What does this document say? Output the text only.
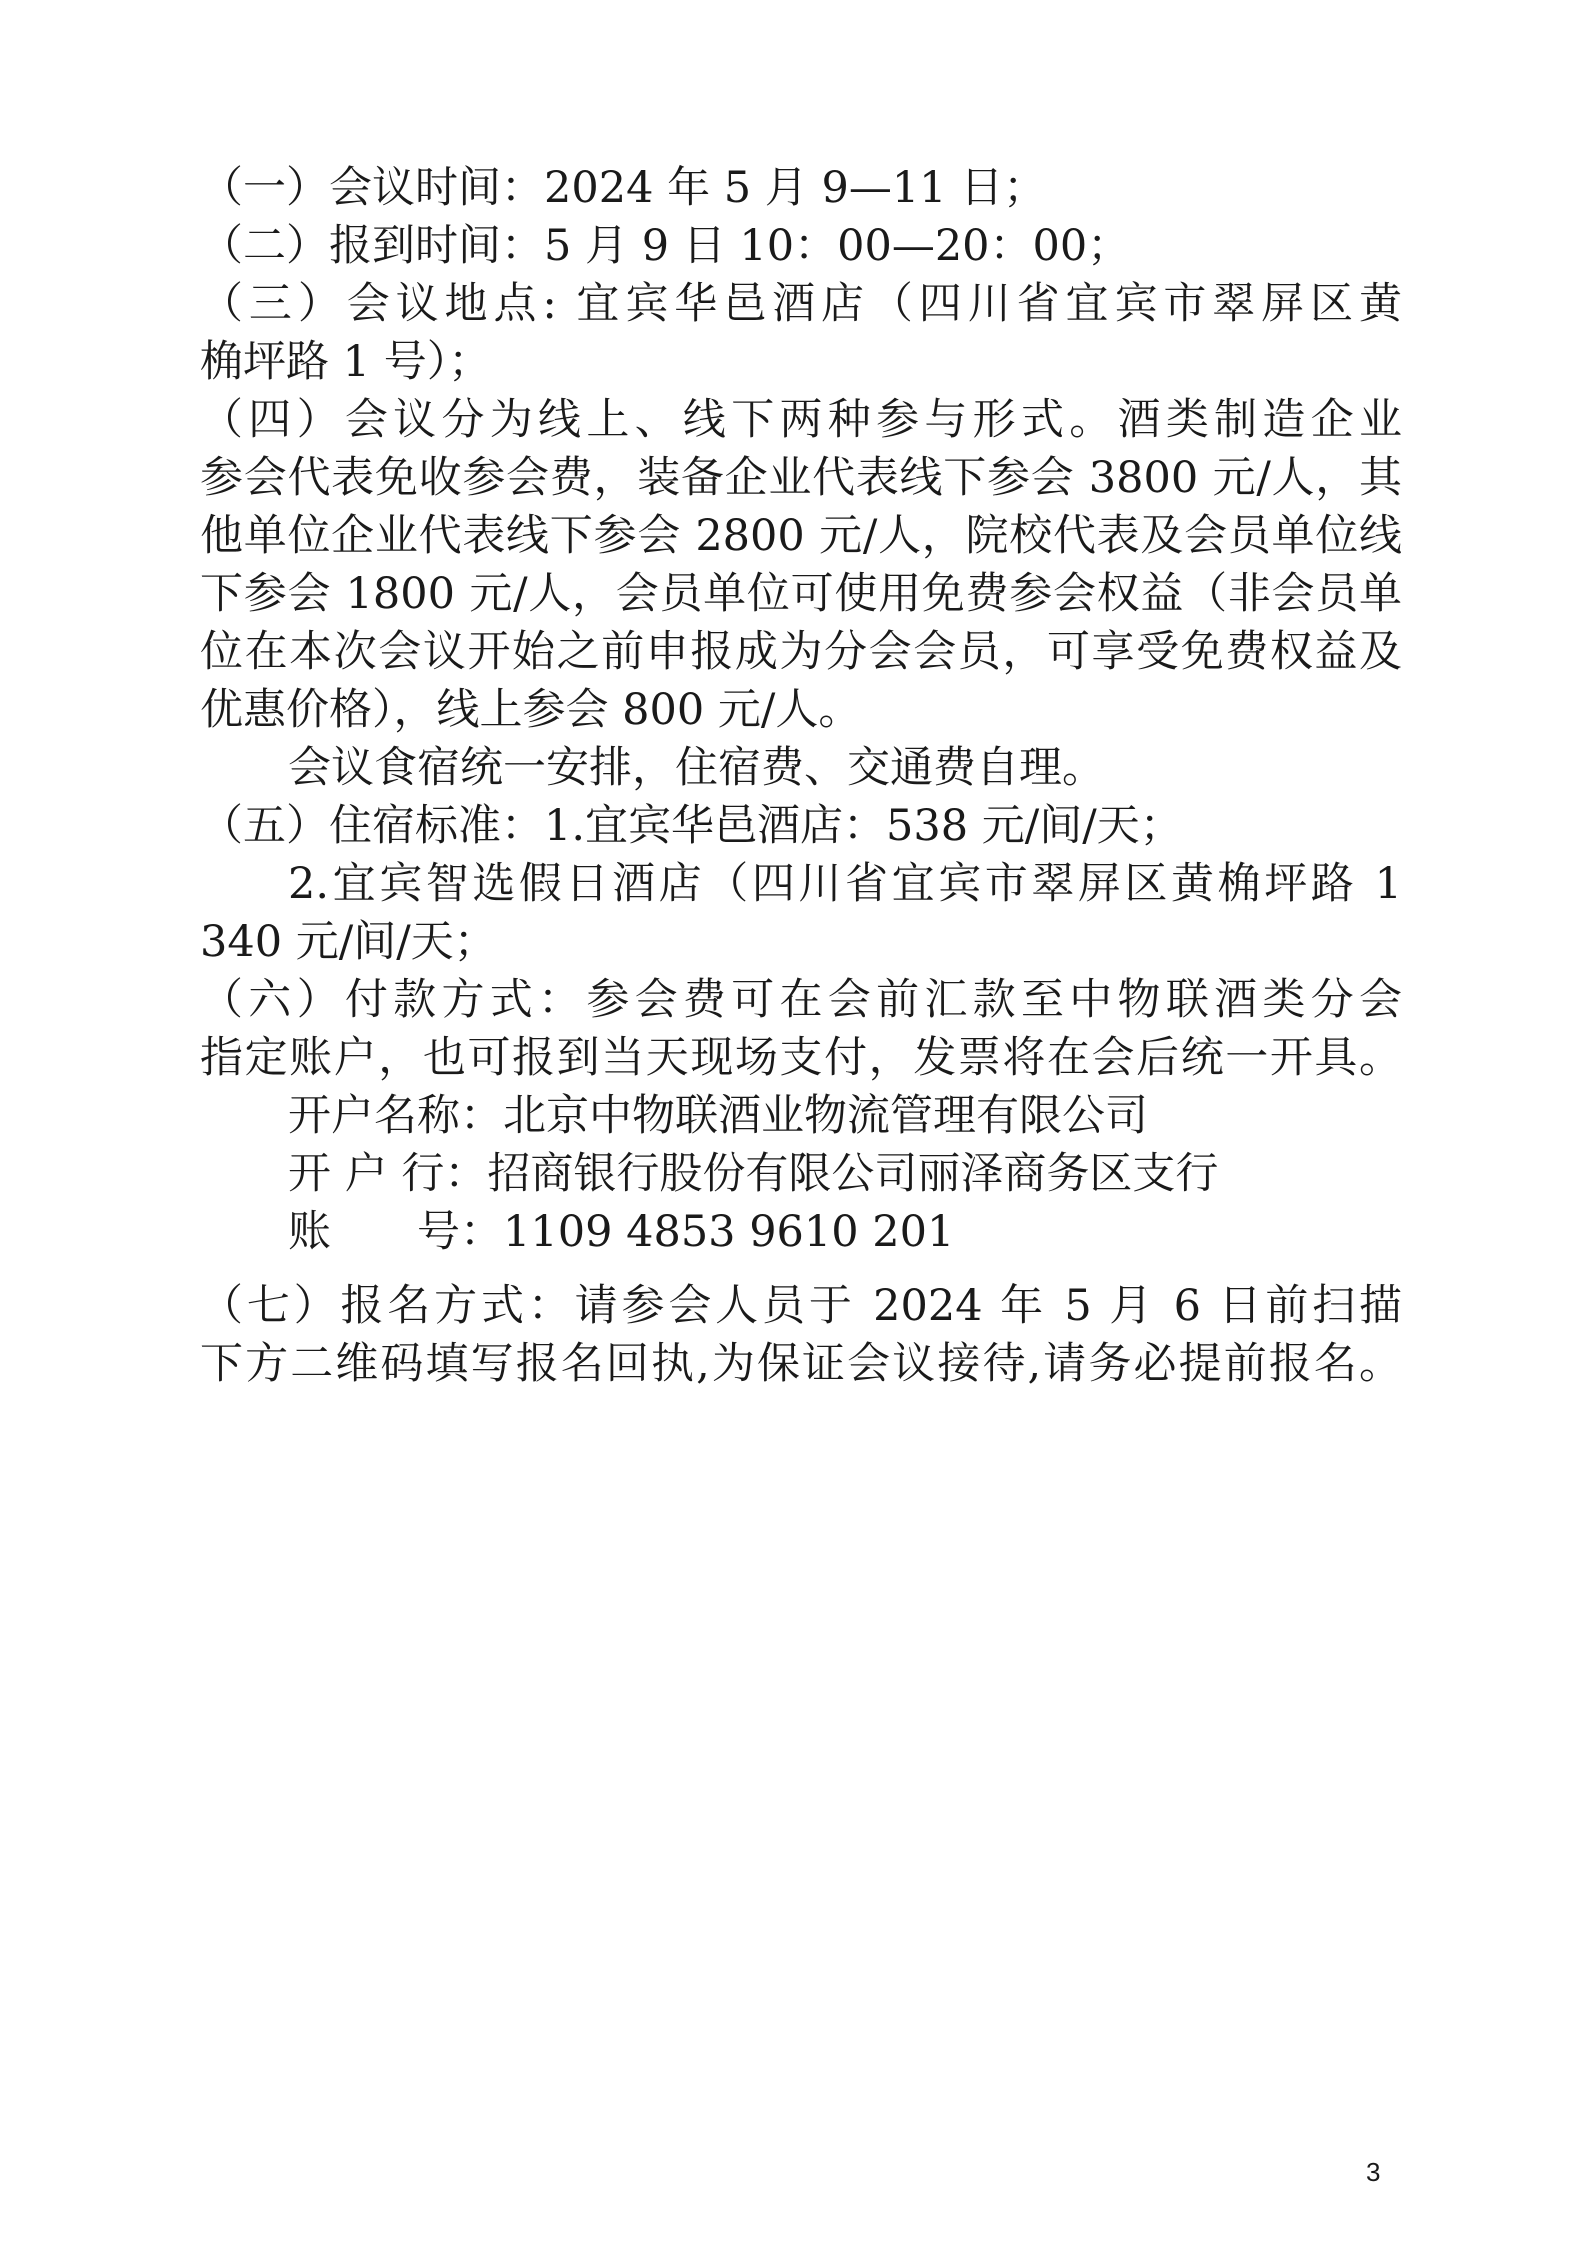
（一）会议时间：2024 年 5 月 9—11 日；

（二）报到时间：5 月 9 日 10：00—20：00；

（三）会议地点: 宜宾华邑酒店（四川省宜宾市翠屏区黄

桷坪路 1 号）；

（四）会议分为线上、线下两种参与形式。酒类制造企业

参会代表免收参会费，装备企业代表线下参会 3800 元/人，其

他单位企业代表线下参会 2800 元/人，院校代表及会员单位线

下参会 1800 元/人，会员单位可使用免费参会权益（非会员单

位在本次会议开始之前申报成为分会会员，可享受免费权益及

优惠价格），线上参会 800 元/人。

会议食宿统一安排，住宿费、交通费自理。

（五）住宿标准：1.宜宾华邑酒店：538 元/间/天；

2.宜宾智选假日酒店（四川省宜宾市翠屏区黄桷坪路 1

340 元/间/天；

（六）付款方式：参会费可在会前汇款至中物联酒类分会

指定账户，也可报到当天现场支付，发票将在会后统一开具。

开户名称：北京中物联酒业物流管理有限公司

开 户 行：招商银行股份有限公司丽泽商务区支行

账　　号：1109 4853 9610 201

（七）报名方式：请参会人员于 2024 年 5 月 6 日前扫描

下方二维码填写报名回执,为保证会议接待,请务必提前报名。

3
